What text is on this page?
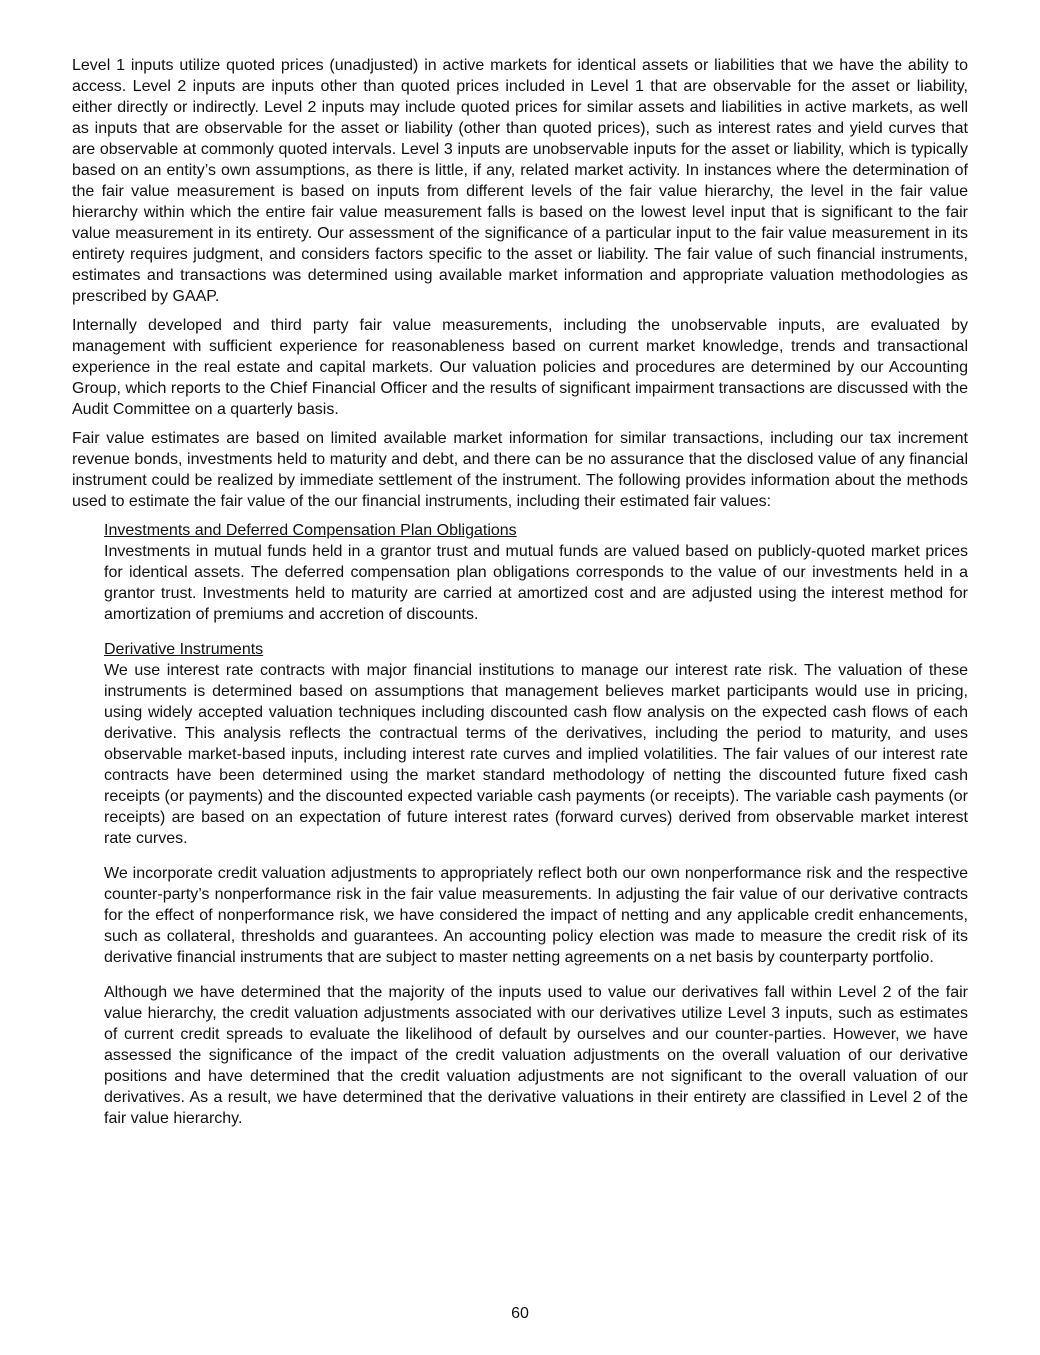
Level 1 inputs utilize quoted prices (unadjusted) in active markets for identical assets or liabilities that we have the ability to access. Level 2 inputs are inputs other than quoted prices included in Level 1 that are observable for the asset or liability, either directly or indirectly. Level 2 inputs may include quoted prices for similar assets and liabilities in active markets, as well as inputs that are observable for the asset or liability (other than quoted prices), such as interest rates and yield curves that are observable at commonly quoted intervals. Level 3 inputs are unobservable inputs for the asset or liability, which is typically based on an entity’s own assumptions, as there is little, if any, related market activity. In instances where the determination of the fair value measurement is based on inputs from different levels of the fair value hierarchy, the level in the fair value hierarchy within which the entire fair value measurement falls is based on the lowest level input that is significant to the fair value measurement in its entirety. Our assessment of the significance of a particular input to the fair value measurement in its entirety requires judgment, and considers factors specific to the asset or liability. The fair value of such financial instruments, estimates and transactions was determined using available market information and appropriate valuation methodologies as prescribed by GAAP.

Internally developed and third party fair value measurements, including the unobservable inputs, are evaluated by management with sufficient experience for reasonableness based on current market knowledge, trends and transactional experience in the real estate and capital markets. Our valuation policies and procedures are determined by our Accounting Group, which reports to the Chief Financial Officer and the results of significant impairment transactions are discussed with the Audit Committee on a quarterly basis.

Fair value estimates are based on limited available market information for similar transactions, including our tax increment revenue bonds, investments held to maturity and debt, and there can be no assurance that the disclosed value of any financial instrument could be realized by immediate settlement of the instrument. The following provides information about the methods used to estimate the fair value of the our financial instruments, including their estimated fair values:

Investments and Deferred Compensation Plan Obligations

Investments in mutual funds held in a grantor trust and mutual funds are valued based on publicly-quoted market prices for identical assets. The deferred compensation plan obligations corresponds to the value of our investments held in a grantor trust. Investments held to maturity are carried at amortized cost and are adjusted using the interest method for amortization of premiums and accretion of discounts.

Derivative Instruments

We use interest rate contracts with major financial institutions to manage our interest rate risk. The valuation of these instruments is determined based on assumptions that management believes market participants would use in pricing, using widely accepted valuation techniques including discounted cash flow analysis on the expected cash flows of each derivative. This analysis reflects the contractual terms of the derivatives, including the period to maturity, and uses observable market-based inputs, including interest rate curves and implied volatilities. The fair values of our interest rate contracts have been determined using the market standard methodology of netting the discounted future fixed cash receipts (or payments) and the discounted expected variable cash payments (or receipts). The variable cash payments (or receipts) are based on an expectation of future interest rates (forward curves) derived from observable market interest rate curves.

We incorporate credit valuation adjustments to appropriately reflect both our own nonperformance risk and the respective counter-party’s nonperformance risk in the fair value measurements. In adjusting the fair value of our derivative contracts for the effect of nonperformance risk, we have considered the impact of netting and any applicable credit enhancements, such as collateral, thresholds and guarantees. An accounting policy election was made to measure the credit risk of its derivative financial instruments that are subject to master netting agreements on a net basis by counterparty portfolio.

Although we have determined that the majority of the inputs used to value our derivatives fall within Level 2 of the fair value hierarchy, the credit valuation adjustments associated with our derivatives utilize Level 3 inputs, such as estimates of current credit spreads to evaluate the likelihood of default by ourselves and our counter-parties. However, we have assessed the significance of the impact of the credit valuation adjustments on the overall valuation of our derivative positions and have determined that the credit valuation adjustments are not significant to the overall valuation of our derivatives. As a result, we have determined that the derivative valuations in their entirety are classified in Level 2 of the fair value hierarchy.

60
